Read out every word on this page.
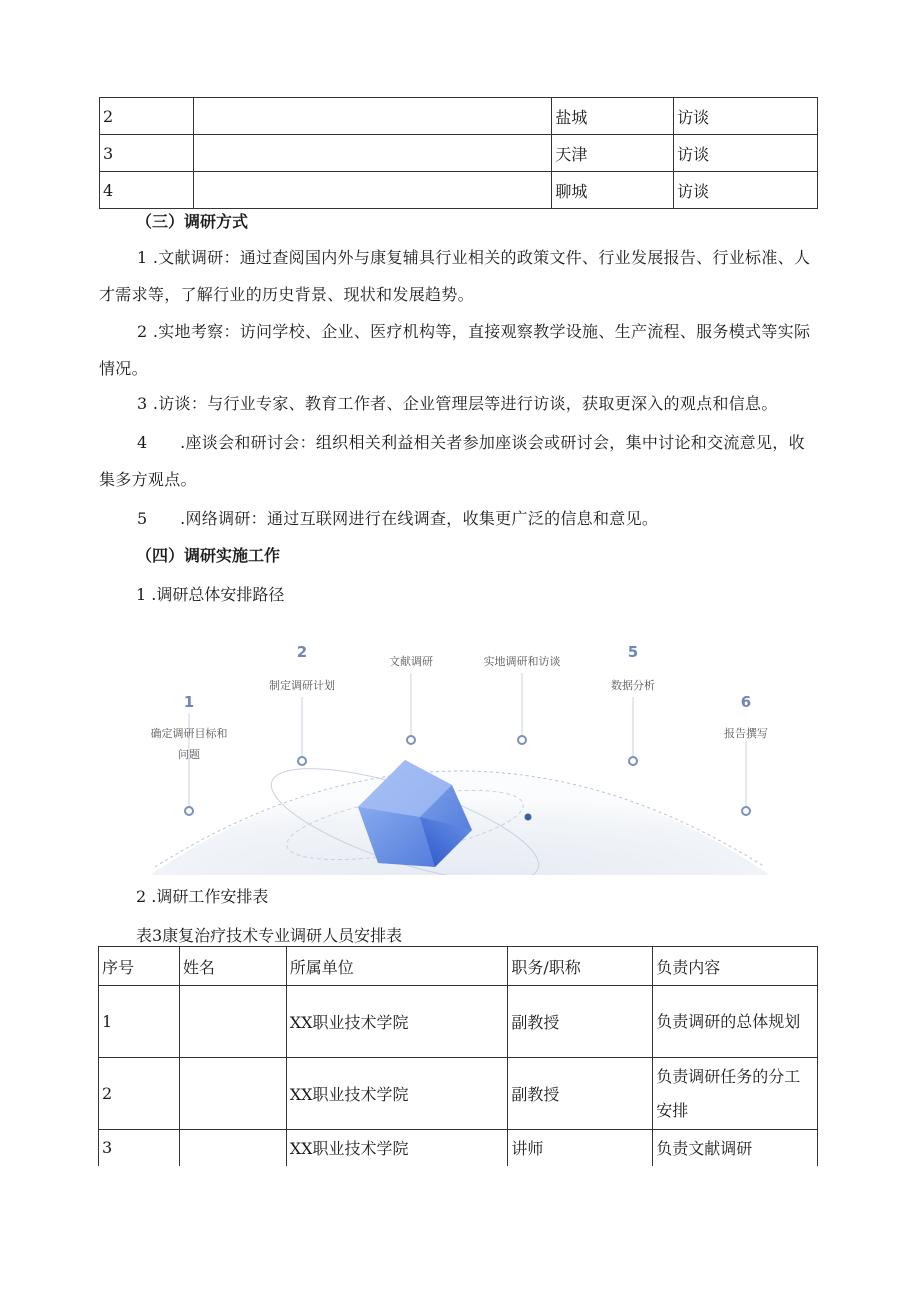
2		盐城	访谈
3		天津	访谈
4		聊城	访谈

（三）调研方式

1 .文献调研：通过查阅国内外与康复辅具行业相关的政策文件、行业发展报告、行业标准、人才需求等，了解行业的历史背景、现状和发展趋势。

2 .实地考察：访问学校、企业、医疗机构等，直接观察教学设施、生产流程、服务模式等实际情况。

3 .访谈：与行业专家、教育工作者、企业管理层等进行访谈，获取更深入的观点和信息。

4　　.座谈会和研讨会：组织相关利益相关者参加座谈会或研讨会，集中讨论和交流意见，收集多方观点。

5　　.网络调研：通过互联网进行在线调查，收集更广泛的信息和意见。

（四）调研实施工作

1 .调研总体安排路径

1
确定调研目标和
问题
2
制定调研计划
文献调研	实地调研和访谈
5
数据分析
6
报告撰写

2 .调研工作安排表

表3康复治疗技术专业调研人员安排表

序号	姓名	所属单位	职务/职称	负责内容
1		XX职业技术学院	副教授	负责调研的总体规划
2		XX职业技术学院	副教授	负责调研任务的分工安排
3		XX职业技术学院	讲师	负责文献调研
